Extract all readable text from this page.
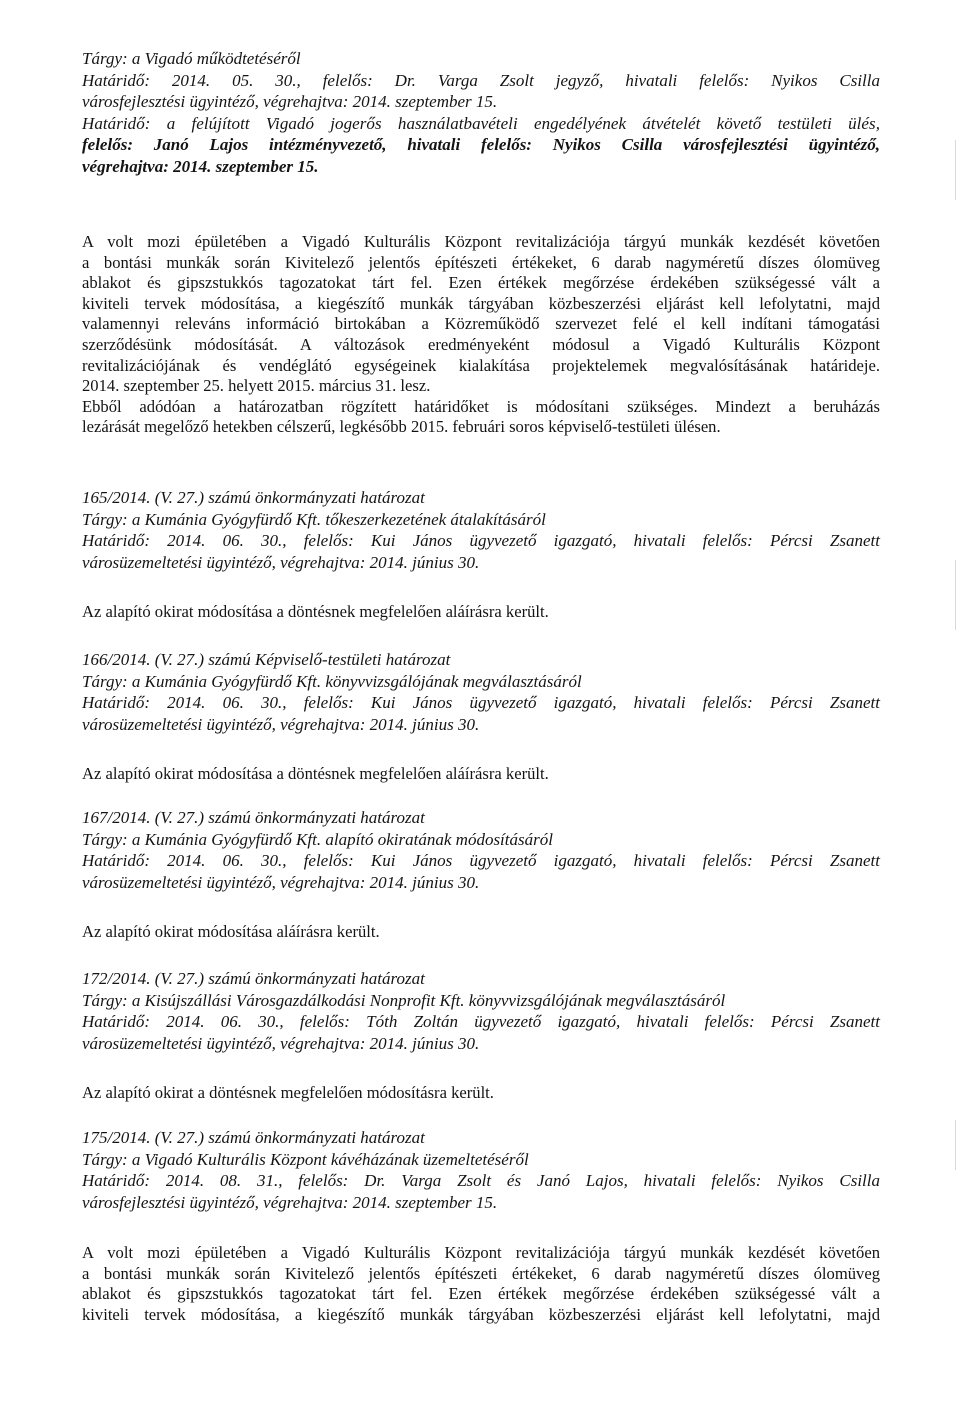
Tárgy: a Vigadó működtetéséről
Határidő: 2014. 05. 30., felelős: Dr. Varga Zsolt jegyző, hivatali felelős: Nyikos Csilla
városfejlesztési ügyintéző, végrehajtva: 2014. szeptember 15.
Határidő: a felújított Vigadó jogerős használatbavételi engedélyének átvételét követő testületi ülés,
felelős: Janó Lajos intézményvezető, hivatali felelős: Nyikos Csilla városfejlesztési ügyintéző,
végrehajtva: 2014. szeptember 15.
A volt mozi épületében a Vigadó Kulturális Központ revitalizációja tárgyú munkák kezdését követően
a bontási munkák során Kivitelező jelentős építészeti értékeket, 6 darab nagyméretű díszes ólomüveg
ablakot és gipszstukkós tagozatokat tárt fel. Ezen értékek megőrzése érdekében szükségessé vált a
kiviteli tervek módosítása, a kiegészítő munkák tárgyában közbeszerzési eljárást kell lefolytatni, majd
valamennyi releváns információ birtokában a Közreműködő szervezet felé el kell indítani támogatási
szerződésünk módosítását. A változások eredményeként módosul a Vigadó Kulturális Központ
revitalizációjának és vendéglátó egységeinek kialakítása projektelemek megvalósításának határideje.
2014. szeptember 25. helyett 2015. március 31. lesz.
Ebből adódóan a határozatban rögzített határidőket is módosítani szükséges. Mindezt a beruházás
lezárását megelőző hetekben célszerű, legkésőbb 2015. februári soros képviselő-testületi ülésen.
165/2014. (V. 27.) számú önkormányzati határozat
Tárgy: a Kumánia Gyógyfürdő Kft. tőkeszerkezetének átalakításáról
Határidő: 2014. 06. 30., felelős: Kui János ügyvezető igazgató, hivatali felelős: Pércsi Zsanett
városüzemeltetési ügyintéző, végrehajtva: 2014. június 30.
Az alapító okirat módosítása a döntésnek megfelelően aláírásra került.
166/2014. (V. 27.) számú Képviselő-testületi határozat
Tárgy: a Kumánia Gyógyfürdő Kft. könyvvizsgálójának megválasztásáról
Határidő: 2014. 06. 30., felelős: Kui János ügyvezető igazgató, hivatali felelős: Pércsi Zsanett
városüzemeltetési ügyintéző, végrehajtva: 2014. június 30.
Az alapító okirat módosítása a döntésnek megfelelően aláírásra került.
167/2014. (V. 27.) számú önkormányzati határozat
Tárgy: a Kumánia Gyógyfürdő Kft. alapító okiratának módosításáról
Határidő: 2014. 06. 30., felelős: Kui János ügyvezető igazgató, hivatali felelős: Pércsi Zsanett
városüzemeltetési ügyintéző, végrehajtva: 2014. június 30.
Az alapító okirat módosítása aláírásra került.
172/2014. (V. 27.) számú önkormányzati határozat
Tárgy: a Kisújszállási Városgazdálkodási Nonprofit Kft. könyvvizsgálójának megválasztásáról
Határidő: 2014. 06. 30., felelős: Tóth Zoltán ügyvezető igazgató, hivatali felelős: Pércsi Zsanett
városüzemeltetési ügyintéző, végrehajtva: 2014. június 30.
Az alapító okirat a döntésnek megfelelően módosításra került.
175/2014. (V. 27.) számú önkormányzati határozat
Tárgy: a Vigadó Kulturális Központ kávéházának üzemeltetéséről
Határidő: 2014. 08. 31., felelős: Dr. Varga Zsolt és Janó Lajos, hivatali felelős: Nyikos Csilla
városfejlesztési ügyintéző, végrehajtva: 2014. szeptember 15.
A volt mozi épületében a Vigadó Kulturális Központ revitalizációja tárgyú munkák kezdését követően
a bontási munkák során Kivitelező jelentős építészeti értékeket, 6 darab nagyméretű díszes ólomüveg
ablakot és gipszstukkós tagozatokat tárt fel. Ezen értékek megőrzése érdekében szükségessé vált a
kiviteli tervek módosítása, a kiegészítő munkák tárgyában közbeszerzési eljárást kell lefolytatni, majd
